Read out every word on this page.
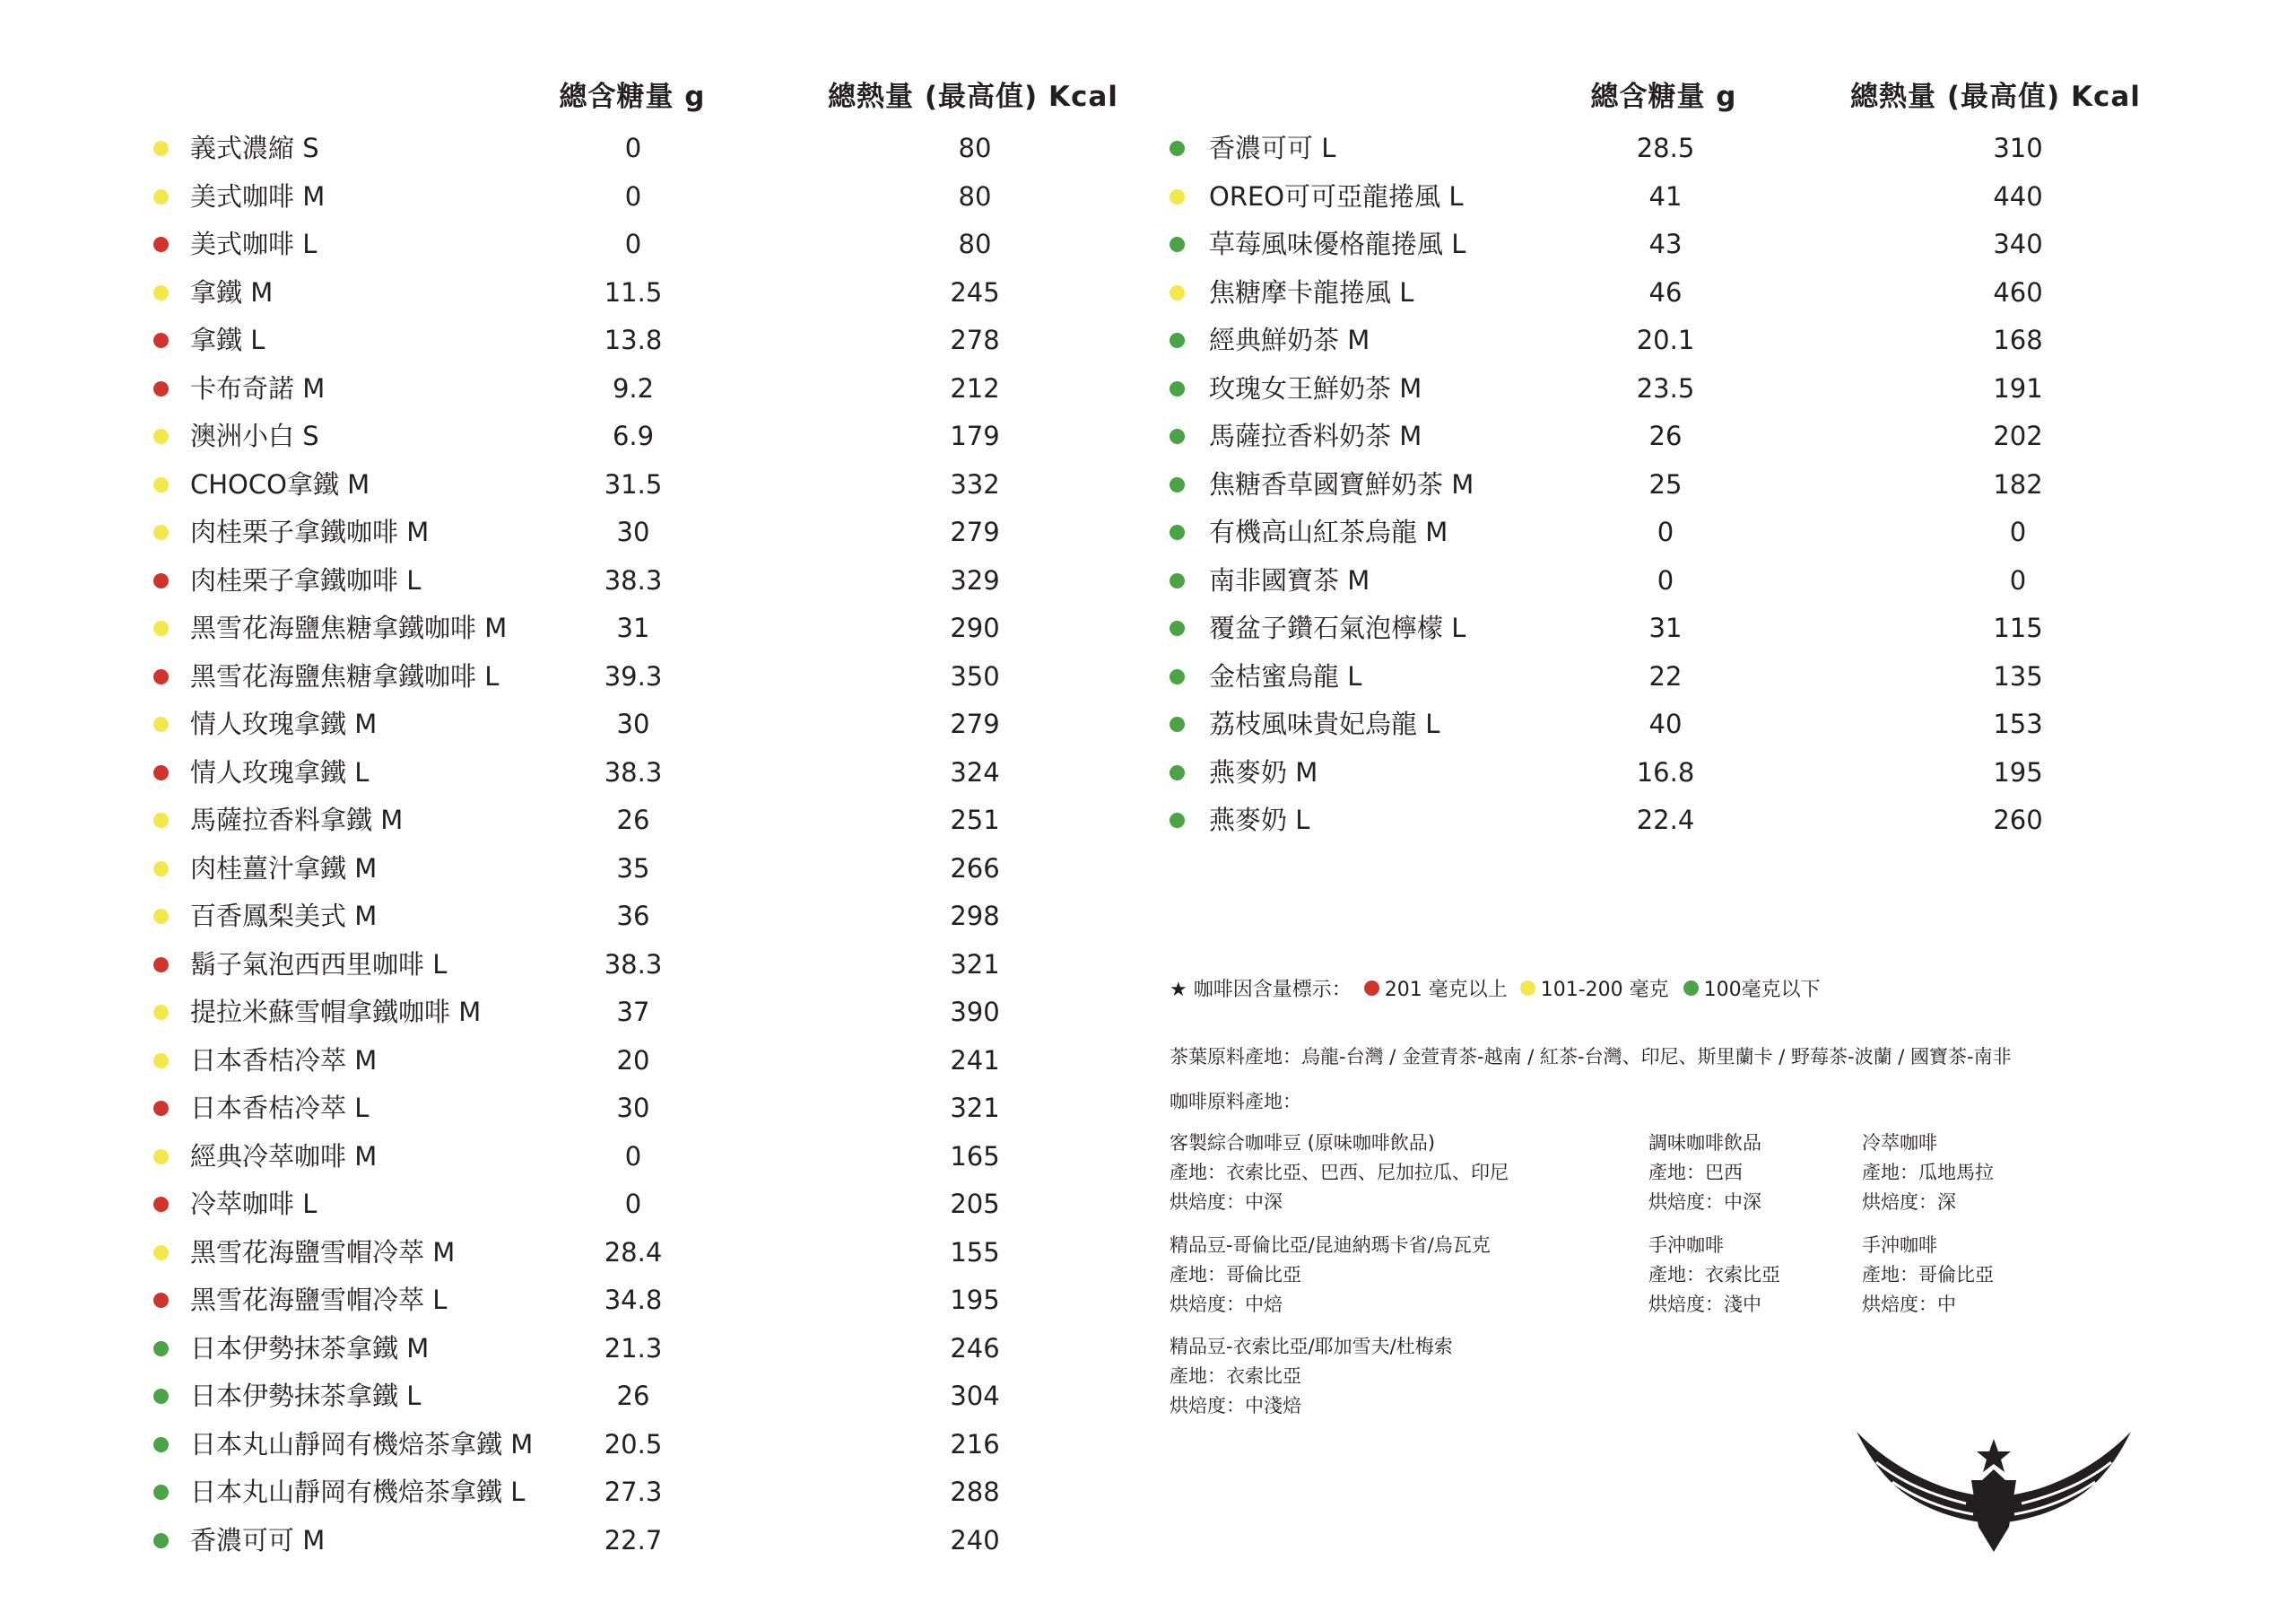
總含糖量 g	總熱量 (最高值) Kcal	總含糖量 g	總熱量 (最高值) Kcal
義式濃縮 S	0	80
美式咖啡 M	0	80
美式咖啡 L	0	80
拿鐵 M	11.5	245
拿鐵 L	13.8	278
卡布奇諾 M	9.2	212
澳洲小白 S	6.9	179
CHOCO拿鐵 M	31.5	332
肉桂栗子拿鐵咖啡 M	30	279
肉桂栗子拿鐵咖啡 L	38.3	329
黑雪花海鹽焦糖拿鐵咖啡 M	31	290
黑雪花海鹽焦糖拿鐵咖啡 L	39.3	350
情人玫瑰拿鐵 M	30	279
情人玫瑰拿鐵 L	38.3	324
馬薩拉香料拿鐵 M	26	251
肉桂薑汁拿鐵 M	35	266
百香鳳梨美式 M	36	298
鬍子氣泡西西里咖啡 L	38.3	321
提拉米蘇雪帽拿鐵咖啡 M	37	390
日本香桔冷萃 M	20	241
日本香桔冷萃 L	30	321
經典冷萃咖啡 M	0	165
冷萃咖啡 L	0	205
黑雪花海鹽雪帽冷萃 M	28.4	155
黑雪花海鹽雪帽冷萃 L	34.8	195
日本伊勢抹茶拿鐵 M	21.3	246
日本伊勢抹茶拿鐵 L	26	304
日本丸山靜岡有機焙茶拿鐵 M	20.5	216
日本丸山靜岡有機焙茶拿鐵 L	27.3	288
香濃可可 M	22.7	240
香濃可可 L	28.5	310
OREO可可亞龍捲風 L	41	440
草莓風味優格龍捲風 L	43	340
焦糖摩卡龍捲風 L	46	460
經典鮮奶茶 M	20.1	168
玫瑰女王鮮奶茶 M	23.5	191
馬薩拉香料奶茶 M	26	202
焦糖香草國寶鮮奶茶 M	25	182
有機高山紅茶烏龍 M	0	0
南非國寶茶 M	0	0
覆盆子鑽石氣泡檸檬 L	31	115
金桔蜜烏龍 L	22	135
荔枝風味貴妃烏龍 L	40	153
燕麥奶 M	16.8	195
燕麥奶 L	22.4	260
★ 咖啡因含量標示： 201 毫克以上 101-200 毫克 100毫克以下
茶葉原料產地：烏龍-台灣 / 金萱青茶-越南 / 紅茶-台灣、印尼、斯里蘭卡 / 野莓茶-波蘭 / 國寶茶-南非
咖啡原料產地：
客製綜合咖啡豆 (原味咖啡飲品)
產地：衣索比亞、巴西、尼加拉瓜、印尼
烘焙度：中深
調味咖啡飲品
產地：巴西
烘焙度：中深
冷萃咖啡
產地：瓜地馬拉
烘焙度：深
精品豆-哥倫比亞/昆迪納瑪卡省/烏瓦克
產地：哥倫比亞
烘焙度：中焙
手沖咖啡
產地：衣索比亞
烘焙度：淺中
手沖咖啡
產地：哥倫比亞
烘焙度：中
精品豆-衣索比亞/耶加雪夫/杜梅索
產地：衣索比亞
烘焙度：中淺焙
